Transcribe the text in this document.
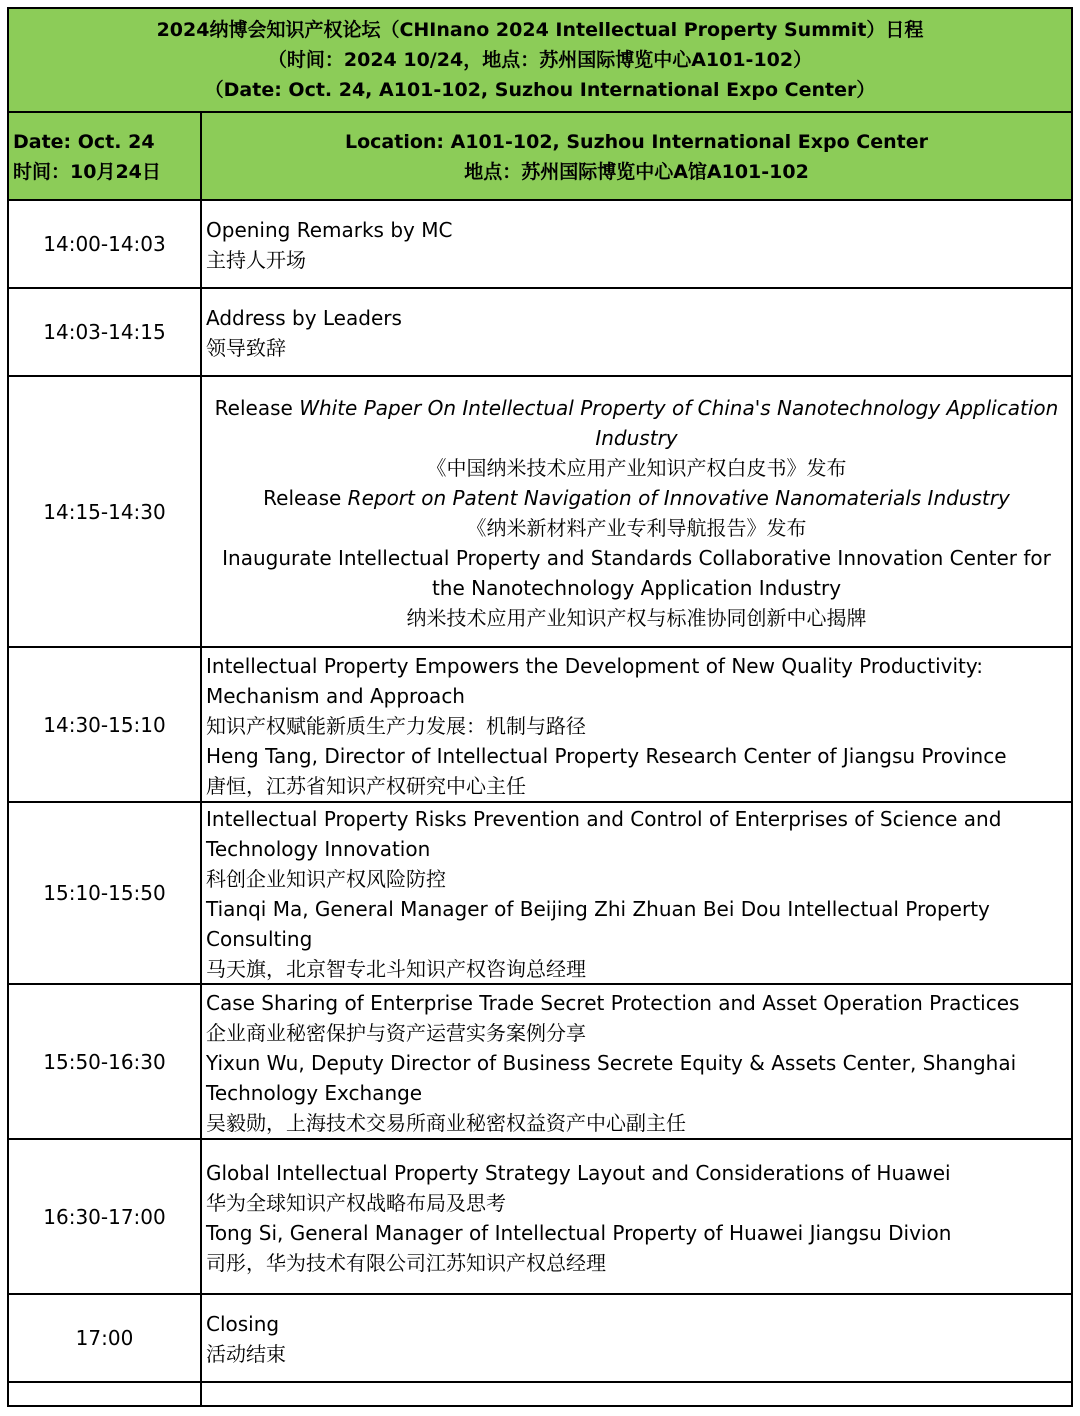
2024纳博会知识产权论坛（CHInano 2024 Intellectual Property Summit）日程
（时间：2024 10/24，地点：苏州国际博览中心A101-102）
（Date: Oct. 24, A101-102, Suzhou International Expo Center）
Date: Oct. 24
时间：10月24日
Location: A101-102, Suzhou International Expo Center
地点：苏州国际博览中心A馆A101-102
14:00-14:03
Opening Remarks by MC
主持人开场
14:03-14:15
Address by Leaders
领导致辞
14:15-14:30
Release White Paper On Intellectual Property of China's Nanotechnology Application Industry
《中国纳米技术应用产业知识产权白皮书》发布
Release Report on Patent Navigation of Innovative Nanomaterials Industry
《纳米新材料产业专利导航报告》发布
Inaugurate Intellectual Property and Standards Collaborative Innovation Center for the Nanotechnology Application Industry
纳米技术应用产业知识产权与标准协同创新中心揭牌
14:30-15:10
Intellectual Property Empowers the Development of New Quality Productivity: Mechanism and Approach
知识产权赋能新质生产力发展：机制与路径
Heng Tang, Director of Intellectual Property Research Center of Jiangsu Province
唐恒，江苏省知识产权研究中心主任
15:10-15:50
Intellectual Property Risks Prevention and Control of Enterprises of Science and Technology Innovation
科创企业知识产权风险防控
Tianqi Ma, General Manager of Beijing Zhi Zhuan Bei Dou Intellectual Property Consulting
马天旗，北京智专北斗知识产权咨询总经理
15:50-16:30
Case Sharing of Enterprise Trade Secret Protection and Asset Operation Practices
企业商业秘密保护与资产运营实务案例分享
Yixun Wu, Deputy Director of Business Secrete Equity & Assets Center, Shanghai Technology Exchange
吴毅勋，上海技术交易所商业秘密权益资产中心副主任
16:30-17:00
Global Intellectual Property Strategy Layout and Considerations of Huawei
华为全球知识产权战略布局及思考
Tong Si, General Manager of Intellectual Property of Huawei Jiangsu Divion
司彤，华为技术有限公司江苏知识产权总经理
17:00
Closing
活动结束
